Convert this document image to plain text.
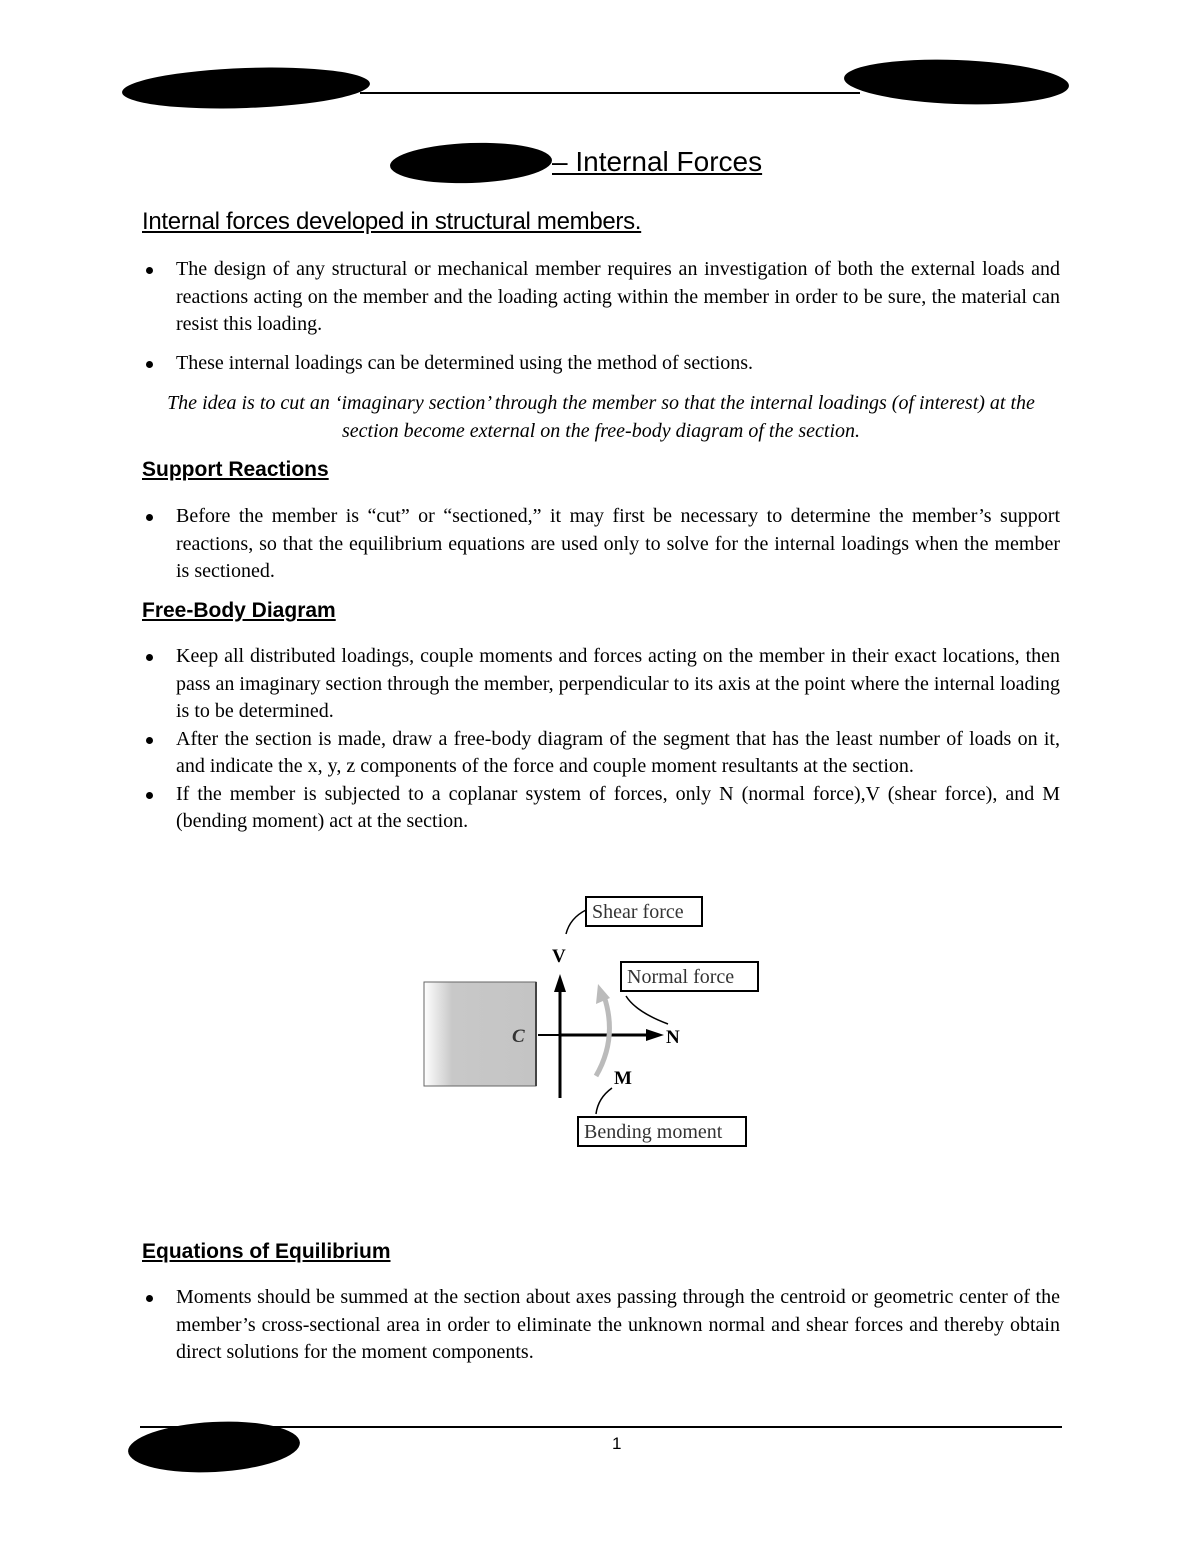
– Internal Forces
Internal forces developed in structural members.
The design of any structural or mechanical member requires an investigation of both the external loads and reactions acting on the member and the loading acting within the member in order to be sure, the material can resist this loading.
These internal loadings can be determined using the method of sections.
The idea is to cut an ‘imaginary section’ through the member so that the internal loadings (of interest) at the section become external on the free-body diagram of the section.
Support Reactions
Before the member is “cut” or “sectioned,” it may first be necessary to determine the member’s support reactions, so that the equilibrium equations are used only to solve for the internal loadings when the member is sectioned.
Free-Body Diagram
Keep all distributed loadings, couple moments and forces acting on the member in their exact locations, then pass an imaginary section through the member, perpendicular to its axis at the point where the internal loading is to be determined.
After the section is made, draw a free-body diagram of the segment that has the least number of loads on it, and indicate the x, y, z components of the force and couple moment resultants at the section.
If the member is subjected to a coplanar system of forces, only N (normal force),V (shear force), and M (bending moment) act at the section.
C
V
N
M
Shear force
Normal force
Bending moment
Equations of Equilibrium
Moments should be summed at the section about axes passing through the centroid or geometric center of the member’s cross-sectional area in order to eliminate the unknown normal and shear forces and thereby obtain direct solutions for the moment components.
1
